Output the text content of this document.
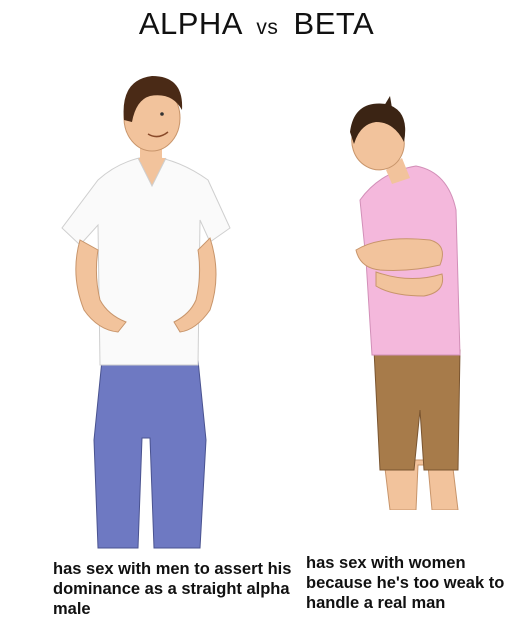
ALPHA vs BETA
has sex with men to assert his dominance as a straight alpha male
has sex with women because he's too weak to handle a real man
